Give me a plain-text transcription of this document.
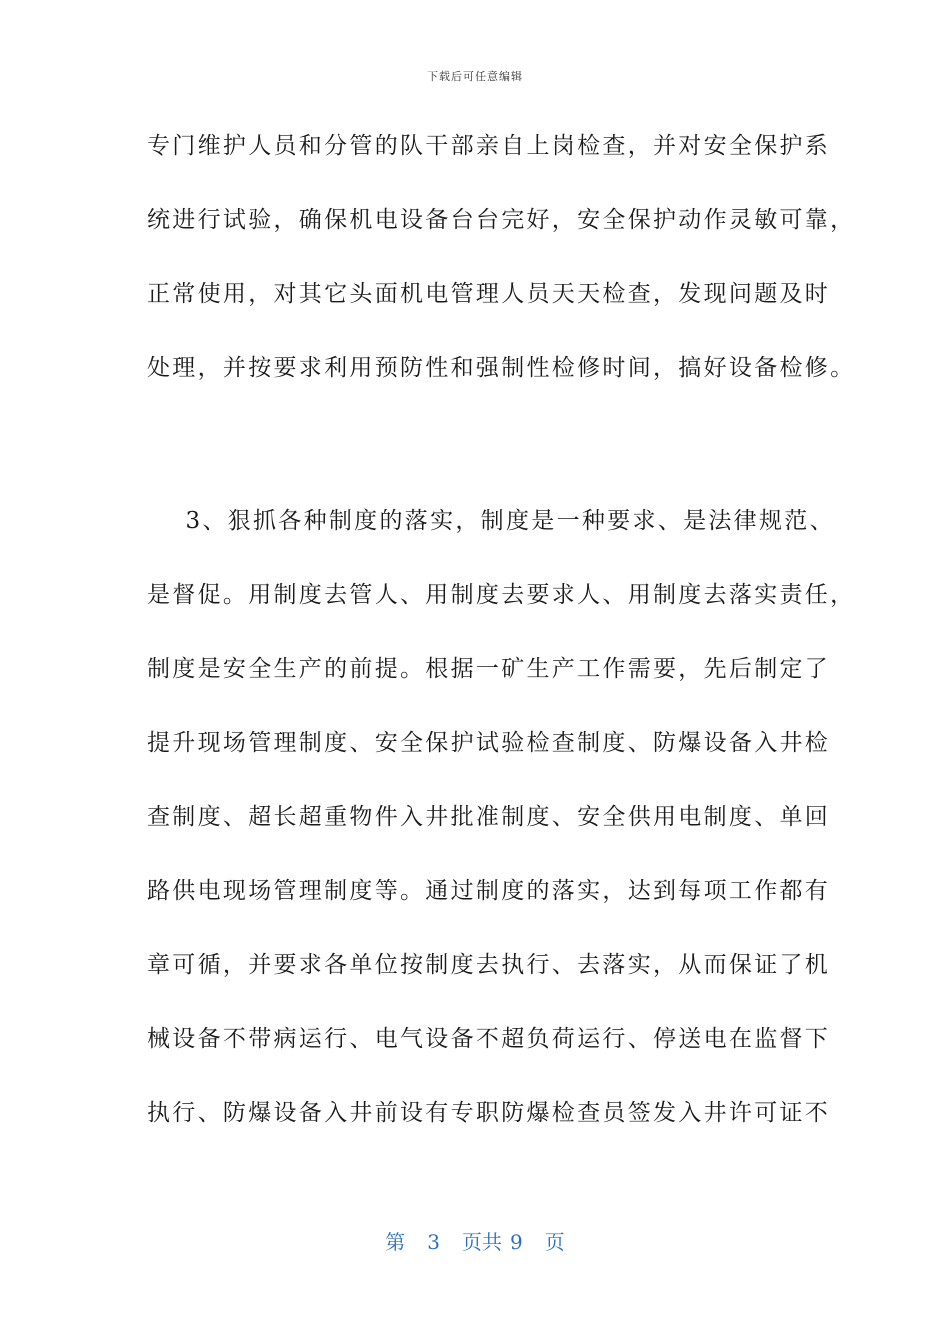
下载后可任意编辑
专门维护人员和分管的队干部亲自上岗检查，并对安全保护系
统进行试验，确保机电设备台台完好，安全保护动作灵敏可靠，
正常使用，对其它头面机电管理人员天天检查，发现问题及时
处理，并按要求利用预防性和强制性检修时间，搞好设备检修。
3、狠抓各种制度的落实，制度是一种要求、是法律规范、
是督促。用制度去管人、用制度去要求人、用制度去落实责任，
制度是安全生产的前提。根据一矿生产工作需要，先后制定了
提升现场管理制度、安全保护试验检查制度、防爆设备入井检
查制度、超长超重物件入井批准制度、安全供用电制度、单回
路供电现场管理制度等。通过制度的落实，达到每项工作都有
章可循，并要求各单位按制度去执行、去落实，从而保证了机
械设备不带病运行、电气设备不超负荷运行、停送电在监督下
执行、防爆设备入井前设有专职防爆检查员签发入井许可证不
第 3 页共 9 页
